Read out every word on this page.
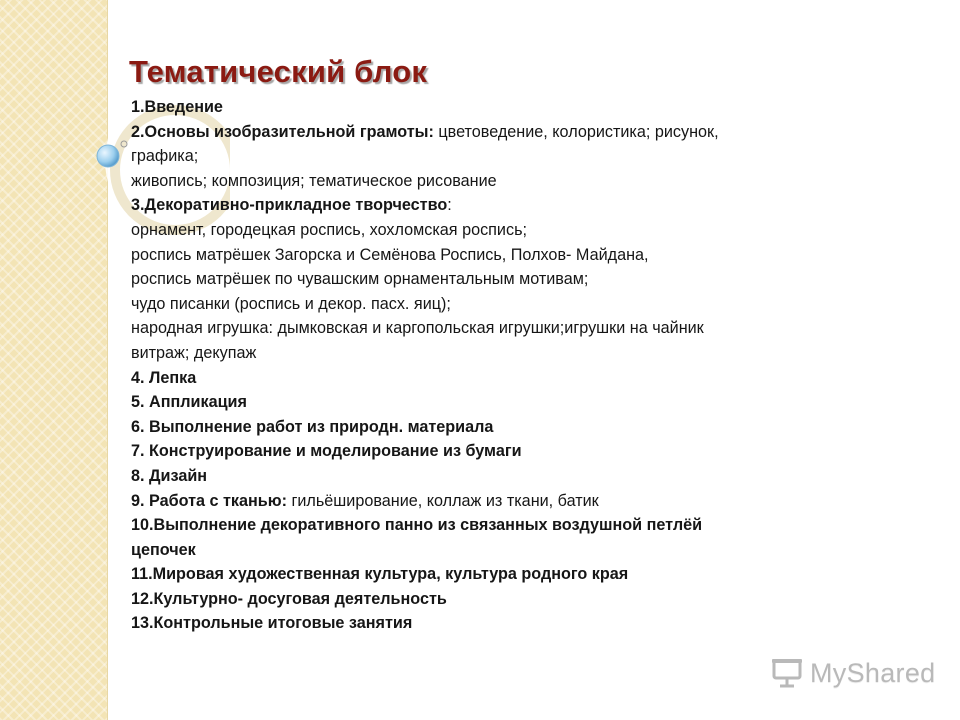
Тематический блок
1.Введение
2.Основы изобразительной грамоты: цветоведение, колористика; рисунок,
графика;
живопись; композиция; тематическое рисование
3.Декоративно-прикладное творчество:
орнамент, городецкая роспись, хохломская роспись;
роспись матрёшек Загорска и Семёнова Роспись, Полхов- Майдана,
роспись матрёшек по чувашским орнаментальным мотивам;
чудо писанки (роспись и декор. пасх. яиц);
народная игрушка: дымковская и каргопольская игрушки;игрушки на чайник
витраж; декупаж
4. Лепка
5. Аппликация
6. Выполнение работ из природн. материала
7. Конструирование и моделирование из бумаги
8. Дизайн
9. Работа с тканью: гильёширование, коллаж из ткани, батик
10.Выполнение декоративного панно из связанных воздушной петлёй
цепочек
11.Мировая художественная культура, культура родного края
12.Культурно- досуговая деятельность
13.Контрольные итоговые занятия
MyShared
